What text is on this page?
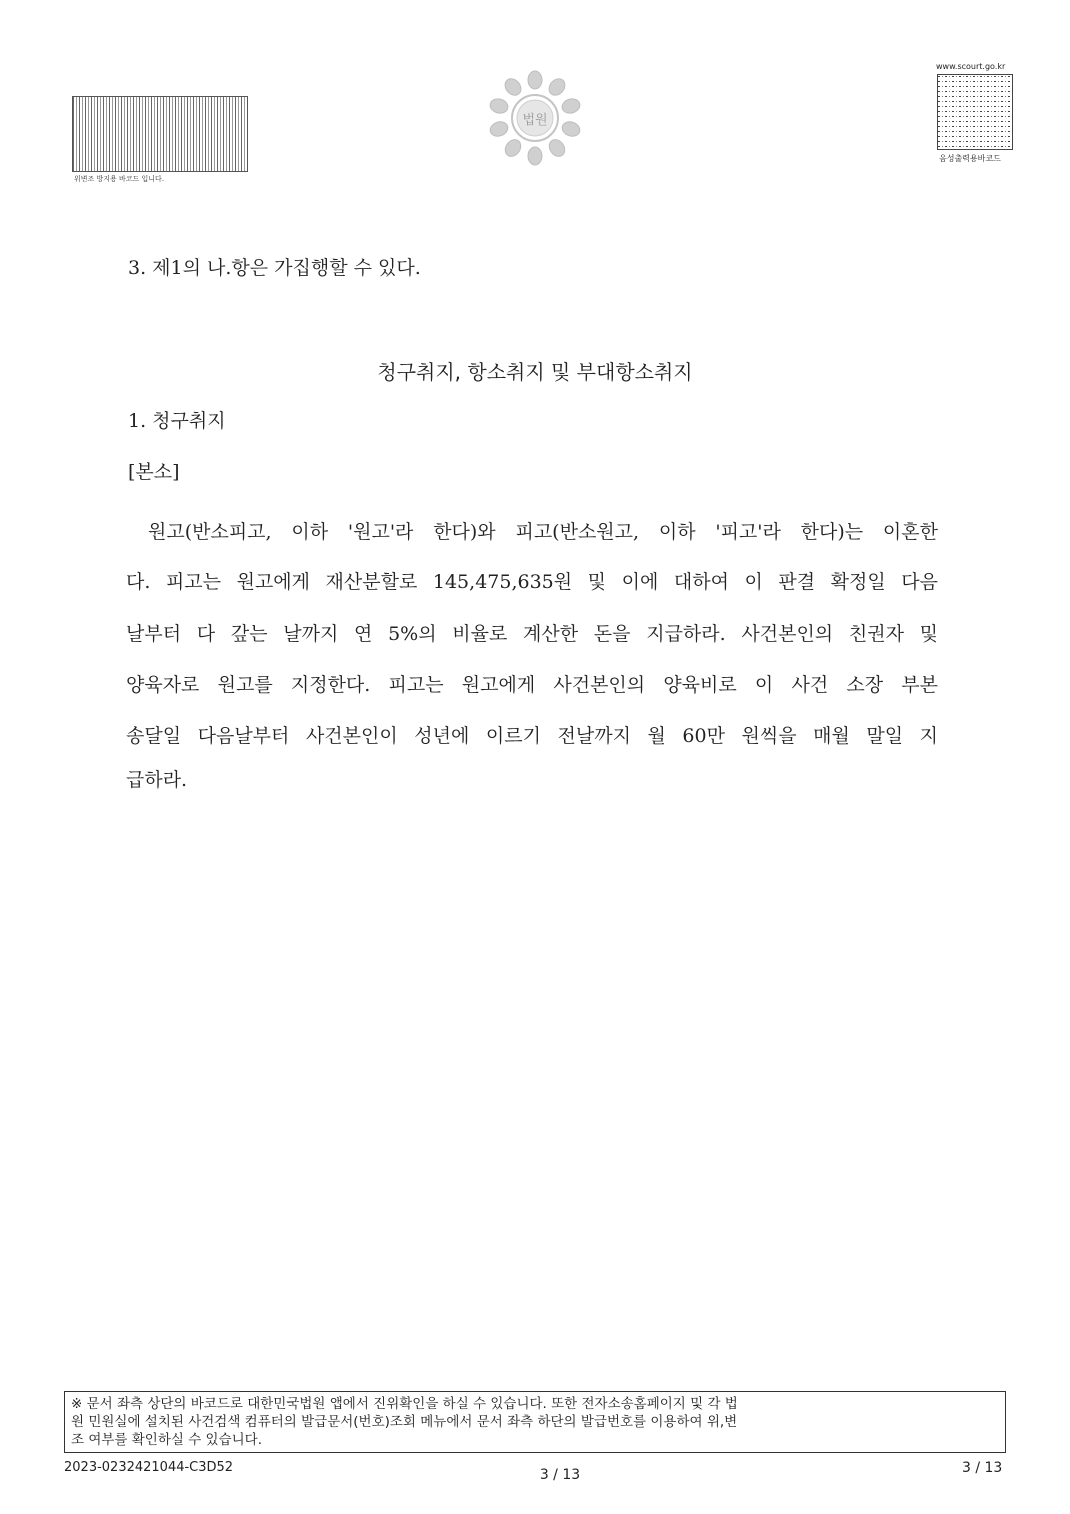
위변조 방지용 바코드 입니다.
법원
www.scourt.go.kr
음성출력용바코드
3. 제1의 나.항은 가집행할 수 있다.
청구취지, 항소취지 및 부대항소취지
1. 청구취지
[본소]
원고(반소피고, 이하 '원고'라 한다)와 피고(반소원고, 이하 '피고'라 한다)는 이혼한
다. 피고는 원고에게 재산분할로 145,475,635원 및 이에 대하여 이 판결 확정일 다음
날부터 다 갚는 날까지 연 5%의 비율로 계산한 돈을 지급하라. 사건본인의 친권자 및
양육자로 원고를 지정한다. 피고는 원고에게 사건본인의 양육비로 이 사건 소장 부본
송달일 다음날부터 사건본인이 성년에 이르기 전날까지 월 60만 원씩을 매월 말일 지
급하라.
※ 문서 좌측 상단의 바코드로 대한민국법원 앱에서 진위확인을 하실 수 있습니다. 또한 전자소송홈페이지 및 각 법
원 민원실에 설치된 사건검색 컴퓨터의 발급문서(번호)조회 메뉴에서 문서 좌측 하단의 발급번호를 이용하여 위,변
조 여부를 확인하실 수 있습니다.
2023-0232421044-C3D52	3 / 13	3 / 13
